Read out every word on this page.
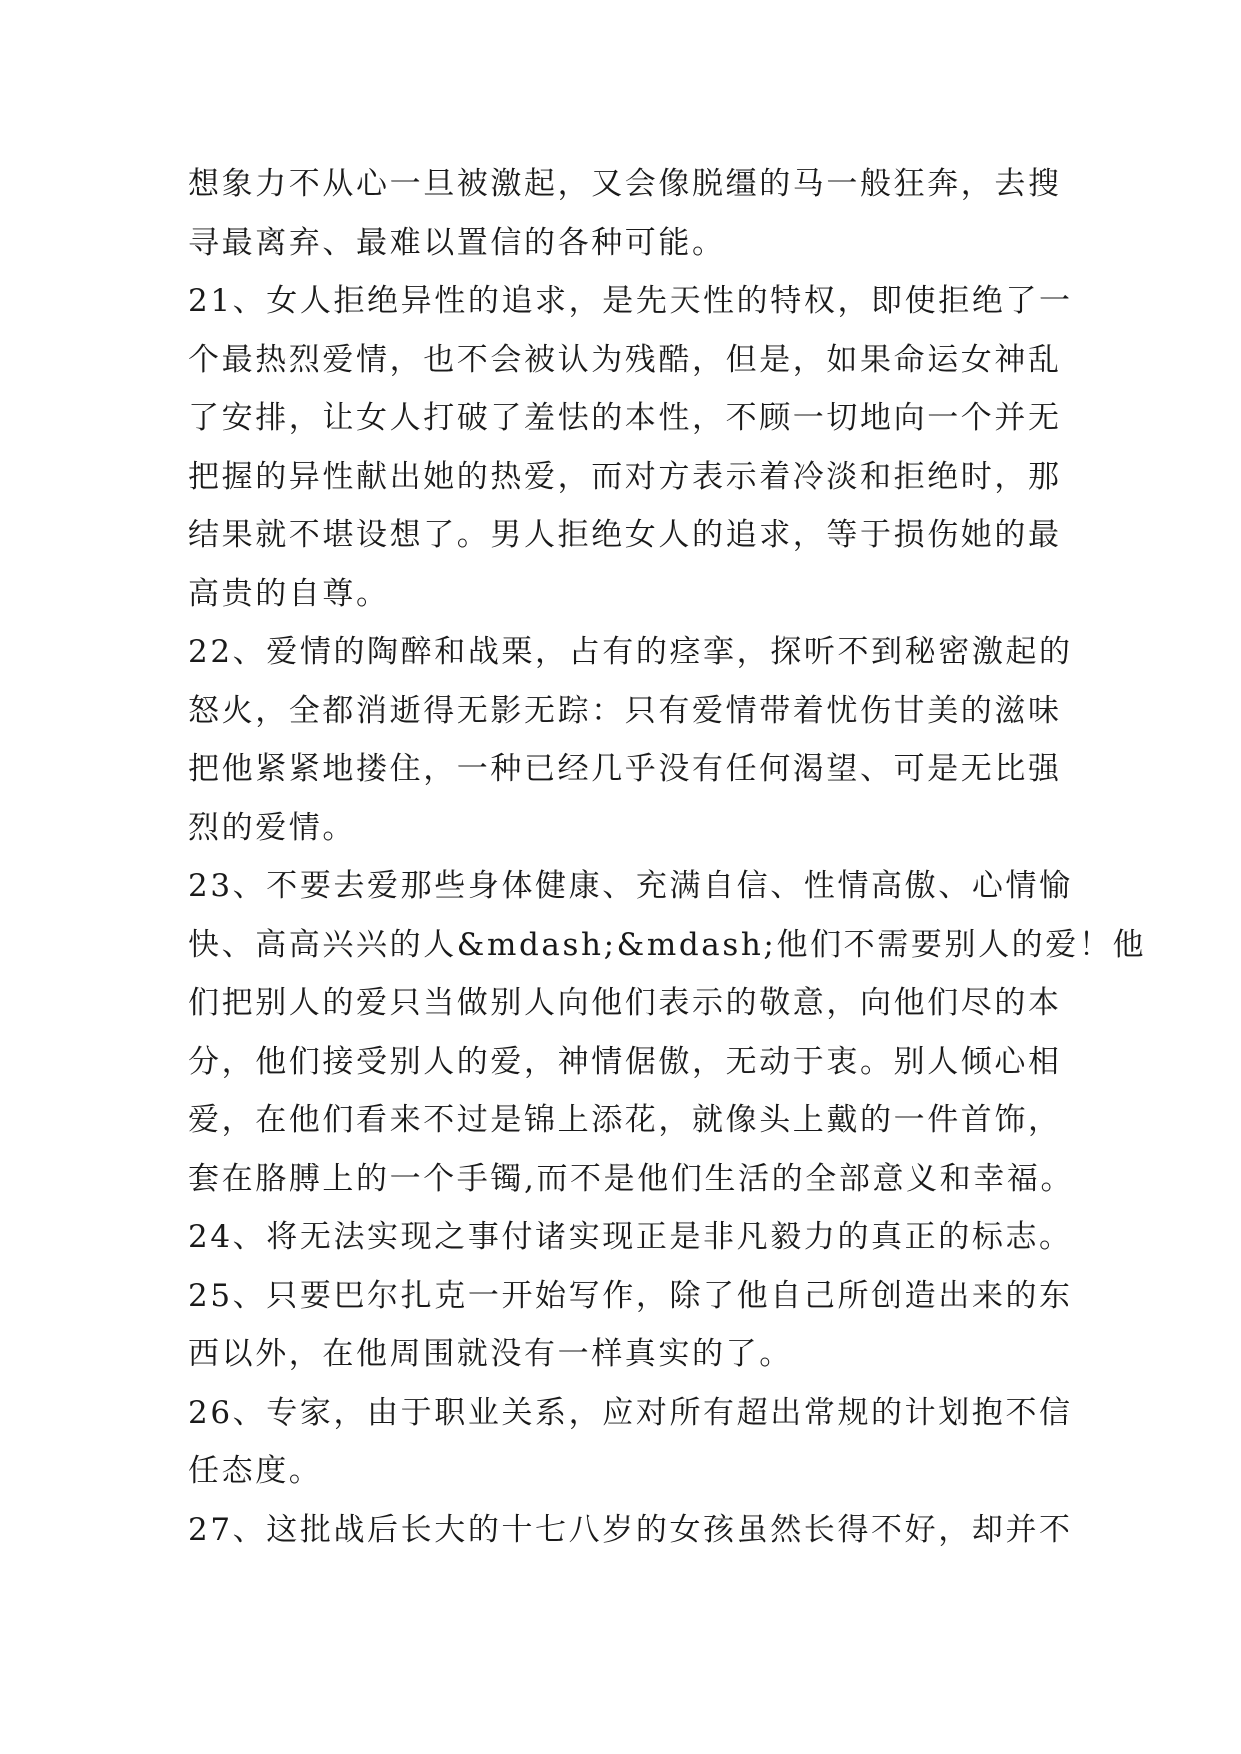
想象力不从心一旦被激起，又会像脱缰的马一般狂奔，去搜
寻最离弃、最难以置信的各种可能。
21、女人拒绝异性的追求，是先天性的特权，即使拒绝了一
个最热烈爱情，也不会被认为残酷，但是，如果命运女神乱
了安排，让女人打破了羞怯的本性，不顾一切地向一个并无
把握的异性献出她的热爱，而对方表示着冷淡和拒绝时，那
结果就不堪设想了。男人拒绝女人的追求，等于损伤她的最
高贵的自尊。
22、爱情的陶醉和战栗，占有的痉挛，探听不到秘密激起的
怒火，全都消逝得无影无踪：只有爱情带着忧伤甘美的滋味
把他紧紧地搂住，一种已经几乎没有任何渴望、可是无比强
烈的爱情。
23、不要去爱那些身体健康、充满自信、性情高傲、心情愉
快、高高兴兴的人&mdash;&mdash;他们不需要别人的爱！他
们把别人的爱只当做别人向他们表示的敬意，向他们尽的本
分，他们接受别人的爱，神情倨傲，无动于衷。别人倾心相
爱，在他们看来不过是锦上添花，就像头上戴的一件首饰，
套在胳膊上的一个手镯,而不是他们生活的全部意义和幸福。
24、将无法实现之事付诸实现正是非凡毅力的真正的标志。
25、只要巴尔扎克一开始写作，除了他自己所创造出来的东
西以外，在他周围就没有一样真实的了。
26、专家，由于职业关系，应对所有超出常规的计划抱不信
任态度。
27、这批战后长大的十七八岁的女孩虽然长得不好，却并不
